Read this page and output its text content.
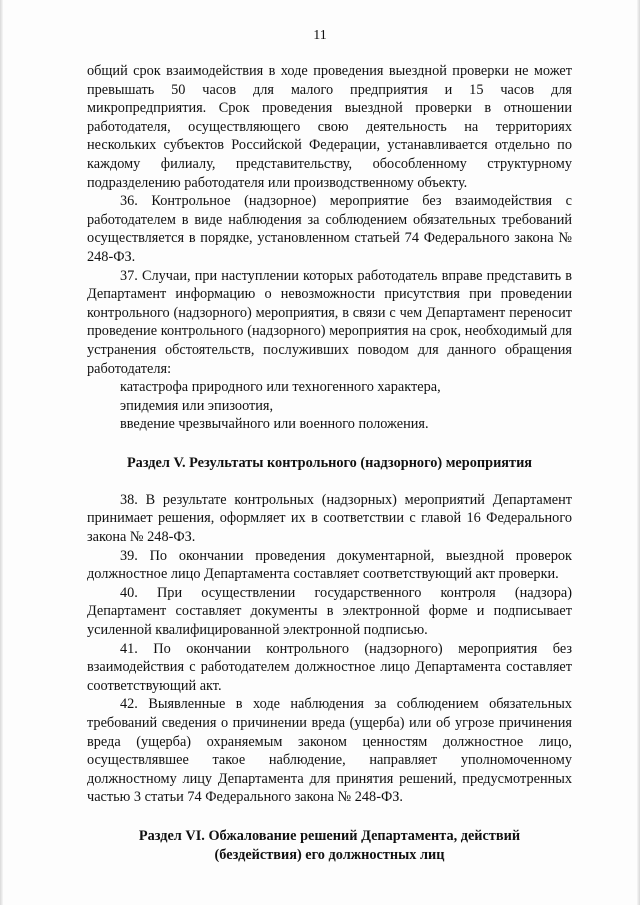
11

общий срок взаимодействия в ходе проведения выездной проверки не может превышать 50 часов для малого предприятия и 15 часов для микропредприятия. Срок проведения выездной проверки в отношении работодателя, осуществляющего свою деятельность на территориях нескольких субъектов Российской Федерации, устанавливается отдельно по каждому филиалу, представительству, обособленному структурному подразделению работодателя или производственному объекту.

36. Контрольное (надзорное) мероприятие без взаимодействия с работодателем в виде наблюдения за соблюдением обязательных требований осуществляется в порядке, установленном статьей 74 Федерального закона № 248-ФЗ.

37. Случаи, при наступлении которых работодатель вправе представить в Департамент информацию о невозможности присутствия при проведении контрольного (надзорного) мероприятия, в связи с чем Департамент переносит проведение контрольного (надзорного) мероприятия на срок, необходимый для устранения обстоятельств, послуживших поводом для данного обращения работодателя:

катастрофа природного или техногенного характера,

эпидемия или эпизоотия,

введение чрезвычайного или военного положения.

Раздел V. Результаты контрольного (надзорного) мероприятия

38. В результате контрольных (надзорных) мероприятий Департамент принимает решения, оформляет их в соответствии с главой 16 Федерального закона № 248-ФЗ.

39. По окончании проведения документарной, выездной проверок должностное лицо Департамента составляет соответствующий акт проверки.

40. При осуществлении государственного контроля (надзора) Департамент составляет документы в электронной форме и подписывает усиленной квалифицированной электронной подписью.

41. По окончании контрольного (надзорного) мероприятия без взаимодействия с работодателем должностное лицо Департамента составляет соответствующий акт.

42. Выявленные в ходе наблюдения за соблюдением обязательных требований сведения о причинении вреда (ущерба) или об угрозе причинения вреда (ущерба) охраняемым законом ценностям должностное лицо, осуществлявшее такое наблюдение, направляет уполномоченному должностному лицу Департамента для принятия решений, предусмотренных частью 3 статьи 74 Федерального закона № 248-ФЗ.

Раздел VI. Обжалование решений Департамента, действий
(бездействия) его должностных лиц
